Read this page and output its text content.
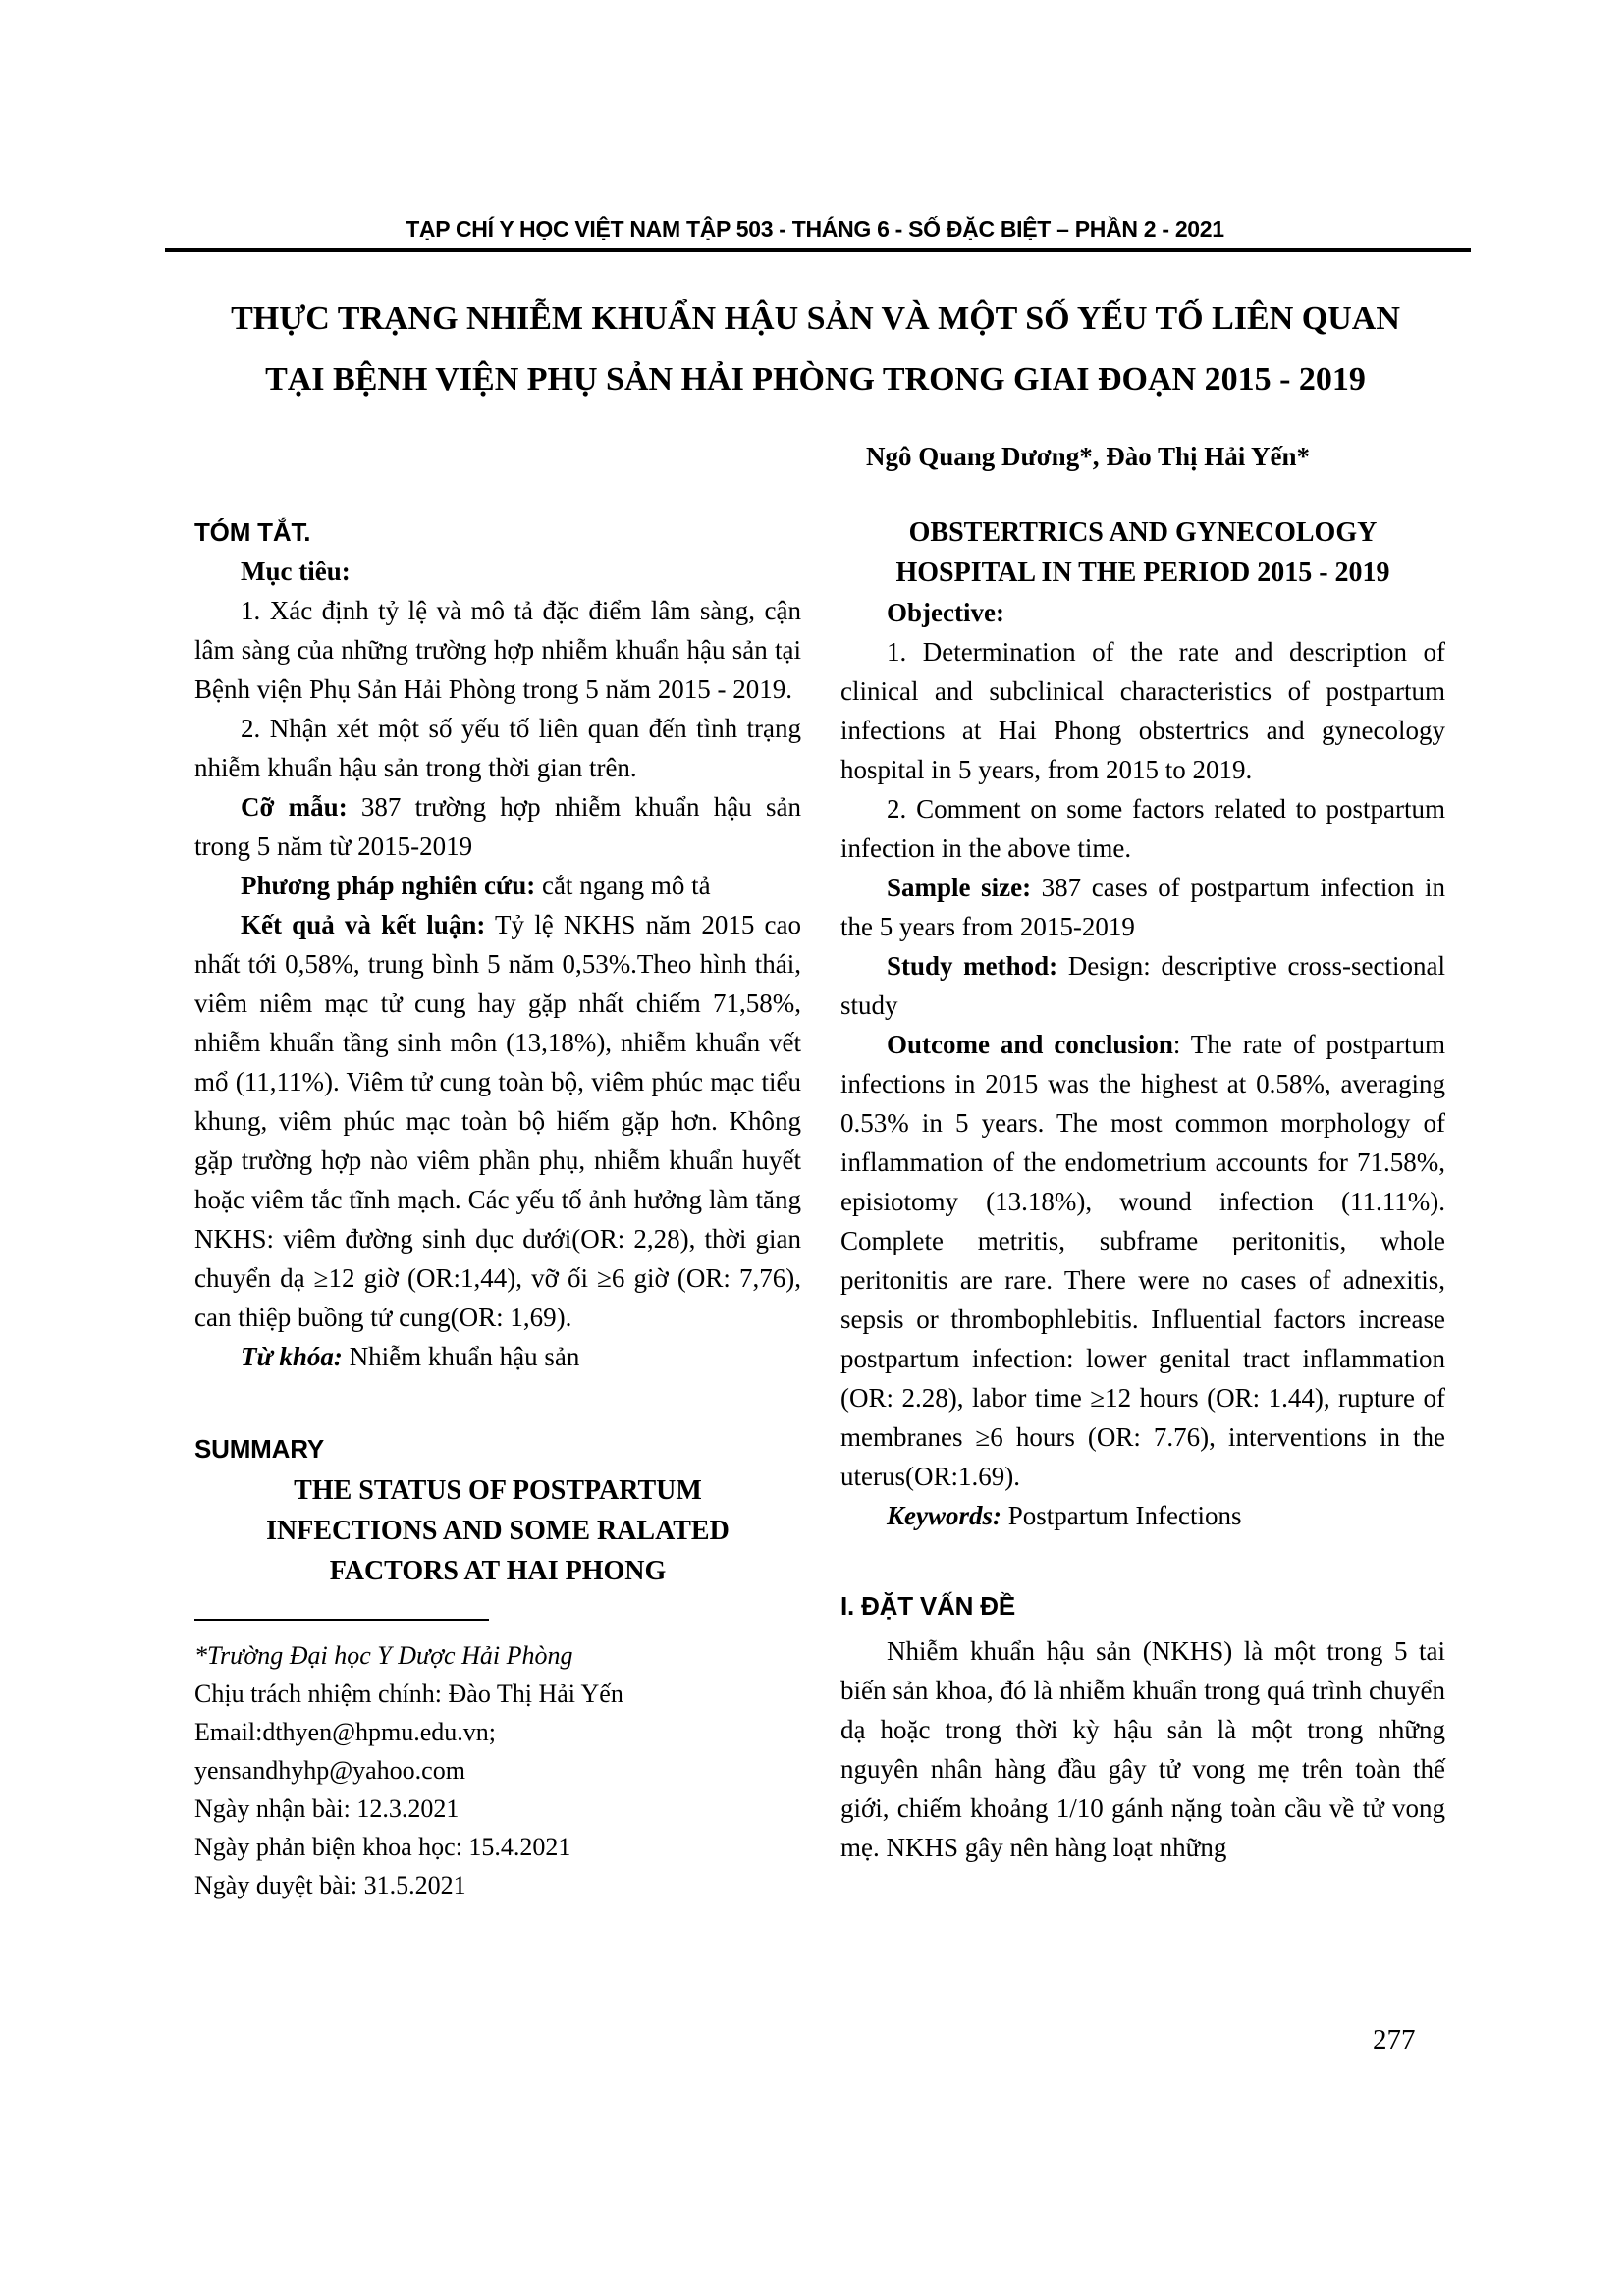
TẠP CHÍ Y HỌC VIỆT NAM TẬP 503 - THÁNG 6 - SỐ ĐẶC BIỆT – PHẦN 2 - 2021
THỰC TRẠNG NHIỄM KHUẨN HẬU SẢN VÀ MỘT SỐ YẾU TỐ LIÊN QUAN
TẠI BỆNH VIỆN PHỤ SẢN HẢI PHÒNG TRONG GIAI ĐOẠN 2015 - 2019
Ngô Quang Dương*, Đào Thị Hải Yến*
TÓM TẮT.

Mục tiêu:

1. Xác định tỷ lệ và mô tả đặc điểm lâm sàng, cận lâm sàng của những trường hợp nhiễm khuẩn hậu sản tại Bệnh viện Phụ Sản Hải Phòng trong 5 năm 2015 - 2019.

2. Nhận xét một số yếu tố liên quan đến tình trạng nhiễm khuẩn hậu sản trong thời gian trên.

Cỡ mẫu: 387 trường hợp nhiễm khuẩn hậu sản trong 5 năm từ 2015-2019

Phương pháp nghiên cứu: cắt ngang mô tả

Kết quả và kết luận: Tỷ lệ NKHS năm 2015 cao nhất tới 0,58%, trung bình 5 năm 0,53%.Theo hình thái, viêm niêm mạc tử cung hay gặp nhất chiếm 71,58%, nhiễm khuẩn tầng sinh môn (13,18%), nhiễm khuẩn vết mổ (11,11%). Viêm tử cung toàn bộ, viêm phúc mạc tiểu khung, viêm phúc mạc toàn bộ hiếm gặp hơn. Không gặp trường hợp nào viêm phần phụ, nhiễm khuẩn huyết hoặc viêm tắc tĩnh mạch. Các yếu tố ảnh hưởng làm tăng NKHS: viêm đường sinh dục dưới(OR: 2,28), thời gian chuyển dạ ≥12 giờ (OR:1,44), vỡ ối ≥6 giờ (OR: 7,76), can thiệp buồng tử cung(OR: 1,69).

Từ khóa: Nhiễm khuẩn hậu sản

SUMMARY
THE STATUS OF POSTPARTUM
INFECTIONS AND SOME RALATED
FACTORS AT HAI PHONG
*Trường Đại học Y Dược Hải Phòng
Chịu trách nhiệm chính: Đào Thị Hải Yến
Email:dthyen@hpmu.edu.vn;
yensandhyhp@yahoo.com
Ngày nhận bài: 12.3.2021
Ngày phản biện khoa học: 15.4.2021
Ngày duyệt bài: 31.5.2021
OBSTERTRICS AND GYNECOLOGY
HOSPITAL IN THE PERIOD 2015 - 2019

Objective:

1. Determination of the rate and description of clinical and subclinical characteristics of postpartum infections at Hai Phong obstertrics and gynecology hospital in 5 years, from 2015 to 2019.

2. Comment on some factors related to postpartum infection in the above time.

Sample size: 387 cases of postpartum infection in the 5 years from 2015-2019

Study method: Design: descriptive cross-sectional study

Outcome and conclusion: The rate of postpartum infections in 2015 was the highest at 0.58%, averaging 0.53% in 5 years. The most common morphology of inflammation of the endometrium accounts for 71.58%, episiotomy (13.18%), wound infection (11.11%). Complete metritis, subframe peritonitis, whole peritonitis are rare. There were no cases of adnexitis, sepsis or thrombophlebitis. Influential factors increase postpartum infection: lower genital tract inflammation (OR: 2.28), labor time ≥12 hours (OR: 1.44), rupture of membranes ≥6 hours (OR: 7.76), interventions in the uterus(OR:1.69).

Keywords: Postpartum Infections

I. ĐẶT VẤN ĐỀ

Nhiễm khuẩn hậu sản (NKHS) là một trong 5 tai biến sản khoa, đó là nhiễm khuẩn trong quá trình chuyển dạ hoặc trong thời kỳ hậu sản là một trong những nguyên nhân hàng đầu gây tử vong mẹ trên toàn thế giới, chiếm khoảng 1/10 gánh nặng toàn cầu về tử vong mẹ. NKHS gây nên hàng loạt những

277
